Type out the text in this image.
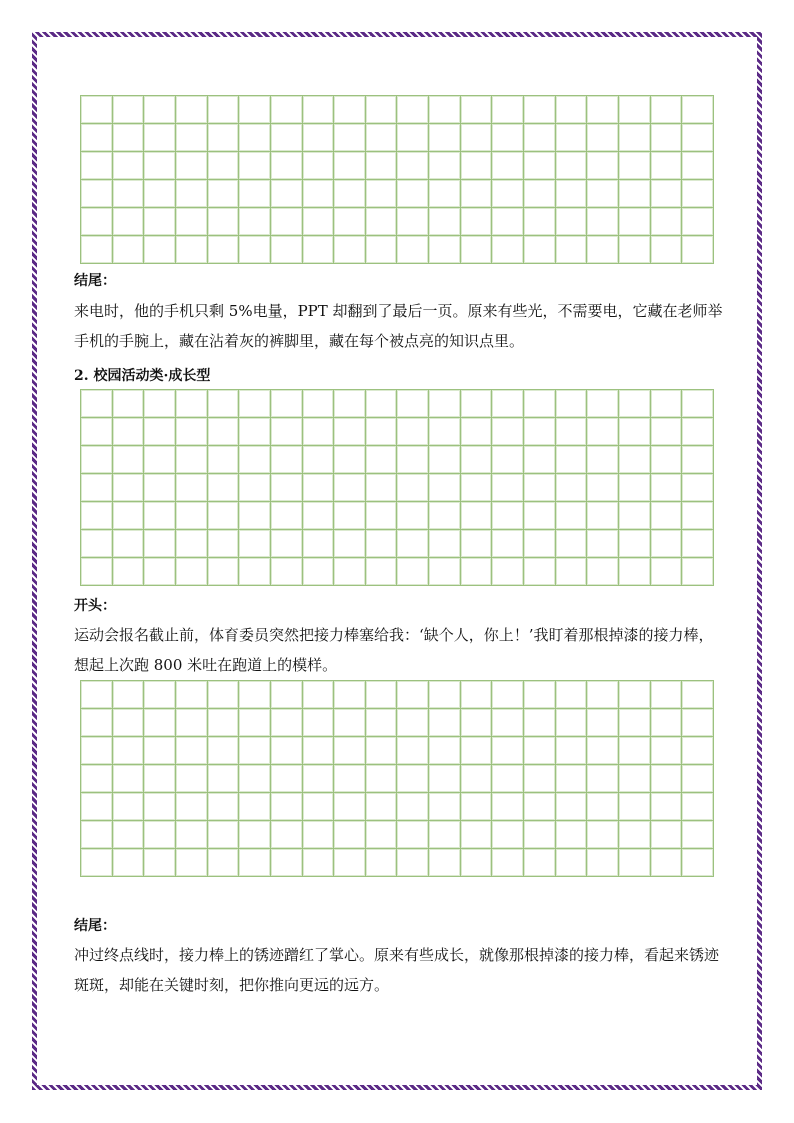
结尾：

来电时，他的手机只剩 5%电量，PPT 却翻到了最后一页。原来有些光，不需要电，它藏在老师举手机的手腕上，藏在沾着灰的裤脚里，藏在每个被点亮的知识点里。

2. 校园活动类·成长型
开头：

运动会报名截止前，体育委员突然把接力棒塞给我：‘缺个人，你上！’我盯着那根掉漆的接力棒，想起上次跑 800 米吐在跑道上的模样。

结尾：

冲过终点线时，接力棒上的锈迹蹭红了掌心。原来有些成长，就像那根掉漆的接力棒，看起来锈迹斑斑，却能在关键时刻，把你推向更远的远方。
